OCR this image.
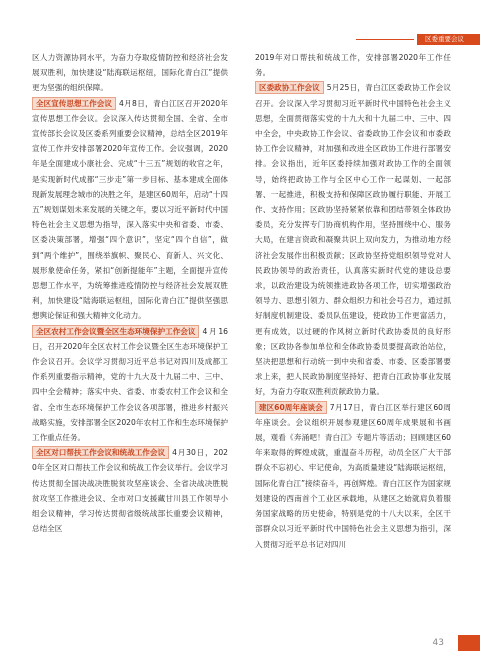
区委重要会议

区人力资源协同水平，为奋力夺取疫情防控和经济社会发展双胜利，加快建设“陆海联运枢纽，国际化青白江”提供更为坚强的组织保障。

全区宣传思想工作会议 4月8日，青白江区召开2020年宣传思想工作会议。会议深入传达贯彻全国、全省、全市宣传部长会议及区委系列重要会议精神，总结全区2019年宣传工作并安排部署2020年宣传工作。会议强调，2020年是全面建成小康社会、完成“十三五”规划的收官之年，是实现新时代成都“三步走”第一步目标、基本建成全面体现新发展理念城市的决胜之年，是建区60周年，启动“十四五”规划谋划未来发展的关键之年，要以习近平新时代中国特色社会主义思想为指导，深入落实中央和省委、市委、区委决策部署，增强“四个意识”，坚定“四个自信”，做到“两个维护”，围绕举旗帜、聚民心、育新人、兴文化、展形象使命任务，紧扣“创新提能年”主题，全面提升宣传思想工作水平，为统筹推进疫情防控与经济社会发展双胜利，加快建设“陆海联运枢纽，国际化青白江”提供坚强思想舆论保证和强大精神文化动力。

全区农村工作会议暨全区生态环境保护工作会议 4月16日，召开2020年全区农村工作会议暨全区生态环境保护工作会议召开。会议学习贯彻习近平总书记对四川及成都工作系列重要指示精神，党的十九大及十九届二中、三中、四中全会精神；落实中央、省委、市委农村工作会议和全省、全市生态环境保护工作会议各项部署，推进乡村振兴战略实施，安排部署全区2020年农村工作和生态环境保护工作重点任务。

全区对口帮扶工作会议和统战工作会议 4月30日，2020年全区对口帮扶工作会议和统战工作会议举行。会议学习传达贯彻全国决战决胜脱贫攻坚座谈会、全省决战决胜脱贫攻坚工作推进会议、全市对口支援藏甘川县工作领导小组会议精神，学习传达贯彻省级统战部长重要会议精神，总结全区

2019年对口帮扶和统战工作，安排部署2020年工作任务。

区委政协工作会议 5月25日，青白江区委政协工作会议召开。会议深入学习贯彻习近平新时代中国特色社会主义思想，全面贯彻落实党的十九大和十九届二中、三中、四中全会，中央政协工作会议、省委政协工作会议和市委政协工作会议精神，对加强和改进全区政协工作进行部署安排。会议指出，近年区委持续加强对政协工作的全面领导，始终把政协工作与全区中心工作一起谋划、一起部署、一起推进，积极支持和保障区政协履行职能、开展工作、支持作用；区政协坚持紧紧依靠和团结带领全体政协委员，充分发挥专门协商机构作用，坚持围绕中心、服务大局，在建言资政和凝聚共识上双向发力，为推动地方经济社会发展作出积极贡献；区政协坚持党组织领导党对人民政协领导的政治责任，认真落实新时代党的建设总要求，以政治建设为统领推进政协各项工作，切实增强政治领导力、思想引领力、群众组织力和社会号召力，通过抓好制度机制建设、委员队伍建设，使政协工作更富活力，更有成效，以过硬的作风树立新时代政协委员的良好形象；区政协各参加单位和全体政协委员要提高政治站位，坚决把思想和行动统一到中央和省委、市委、区委部署要求上来，把人民政协制度坚持好、把青白江政协事业发展好，为奋力夺取双胜利贡献政协力量。

建区60周年座谈会 7月17日，青白江区举行建区60周年座谈会。会议组织开展参观建区60周年成果展和书画展，观看《奔涌吧！青白江》专题片等活动；回顾建区60年来取得的辉煌成就，重温奋斗历程，动员全区广大干部群众不忘初心、牢记使命，为高质量建设“陆海联运枢纽，国际化青白江”接续奋斗，再创辉煌。青白江区作为国家规划建设的西南首个工业区承载地，从建区之始就肩负着服务国家战略的历史使命，特别是党的十八大以来，全区干部群众以习近平新时代中国特色社会主义思想为指引，深入贯彻习近平总书记对四川

43
